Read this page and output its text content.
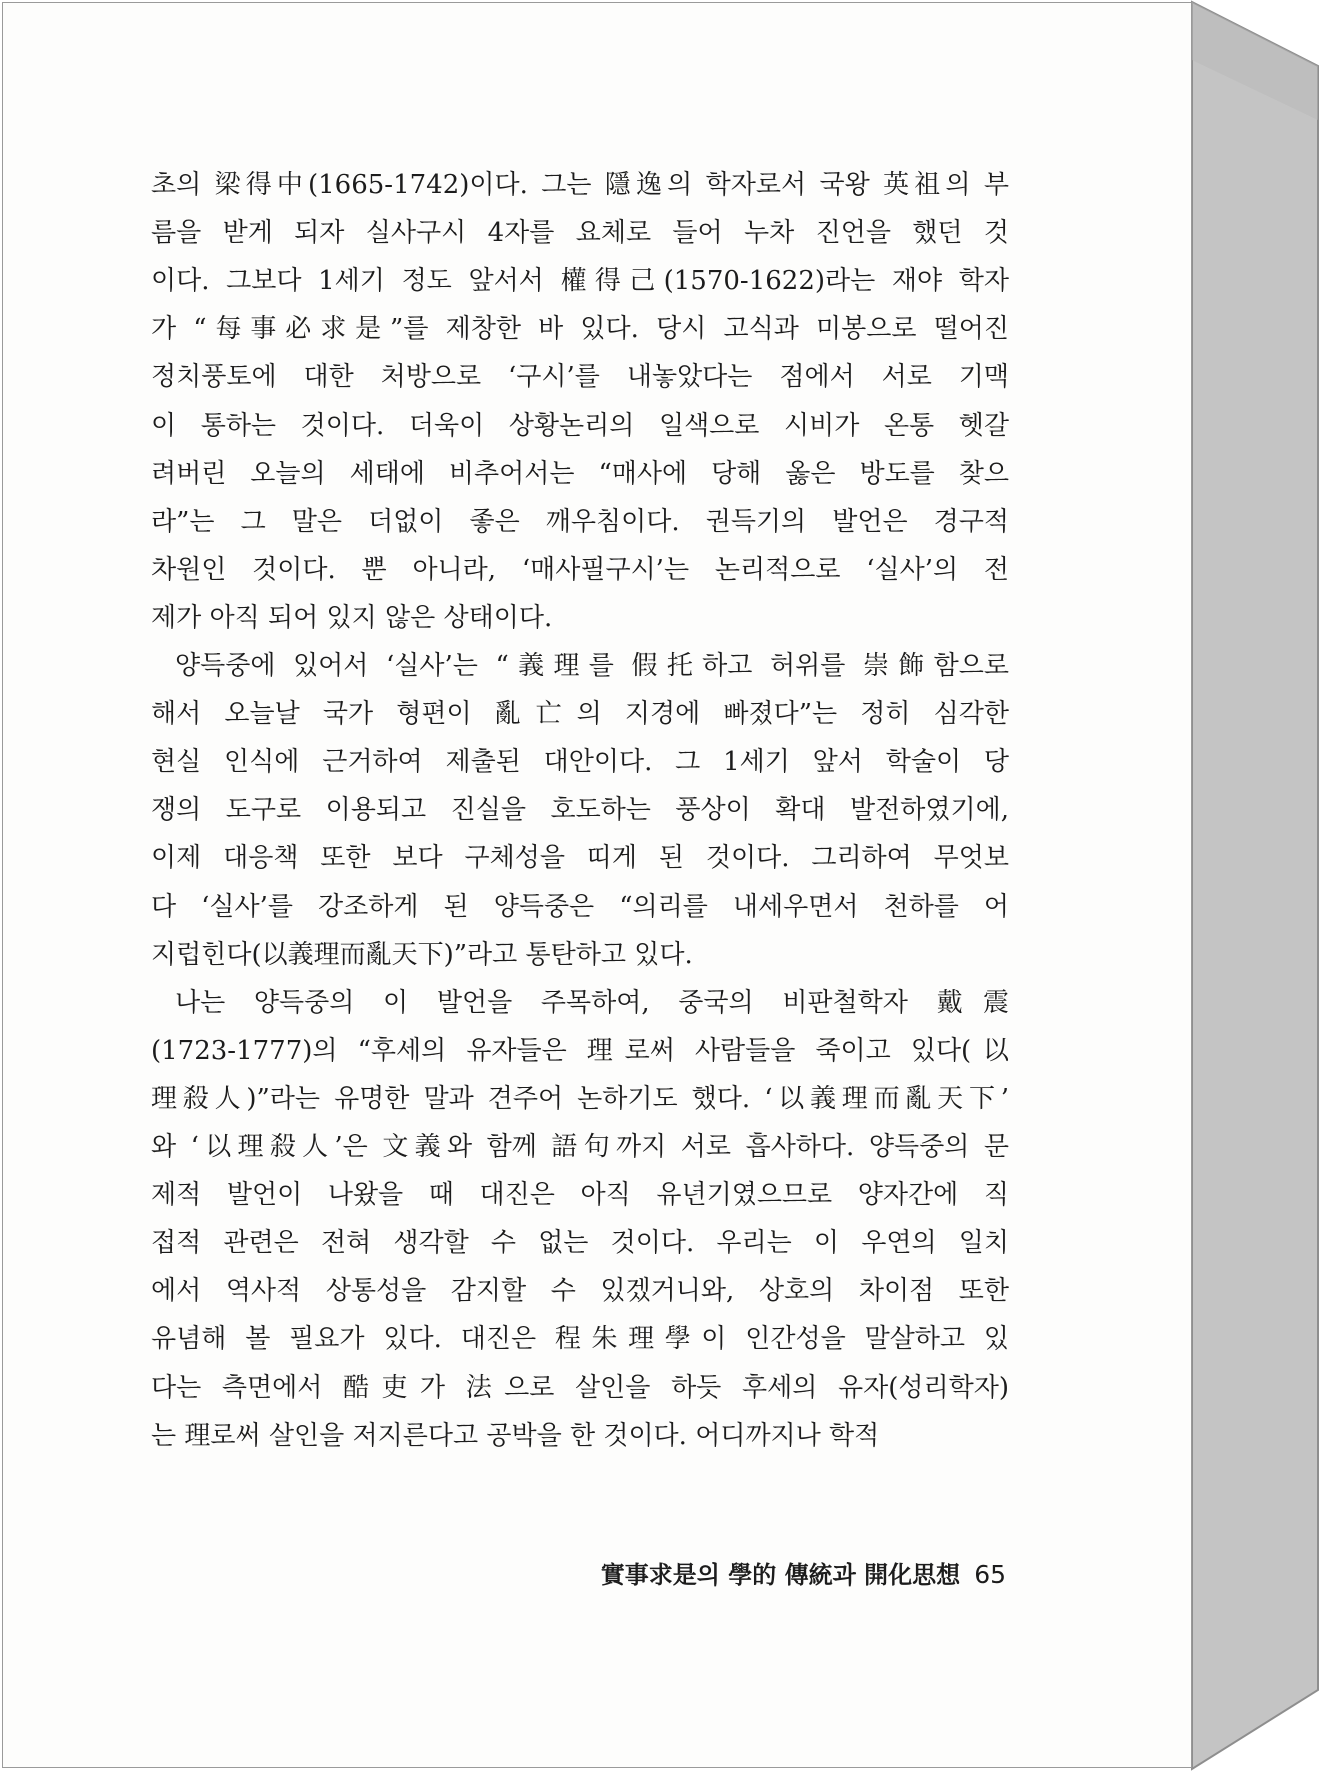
초의 梁得中(1665-1742)이다. 그는 隱逸의 학자로서 국왕 英祖의 부
름을 받게 되자 실사구시 4자를 요체로 들어 누차 진언을 했던 것
이다. 그보다 1세기 정도 앞서서 權得己(1570-1622)라는 재야 학자
가 “每事必求是”를 제창한 바 있다. 당시 고식과 미봉으로 떨어진
정치풍토에 대한 처방으로 ‘구시’를 내놓았다는 점에서 서로 기맥
이 통하는 것이다. 더욱이 상황논리의 일색으로 시비가 온통 헷갈
려버린 오늘의 세태에 비추어서는 “매사에 당해 옳은 방도를 찾으
라”는 그 말은 더없이 좋은 깨우침이다. 권득기의 발언은 경구적
차원인 것이다. 뿐 아니라, ‘매사필구시’는 논리적으로 ‘실사’의 전
제가 아직 되어 있지 않은 상태이다.
양득중에 있어서 ‘실사’는 “義理를 假托하고 허위를 崇飾함으로
해서 오늘날 국가 형편이 亂亡의 지경에 빠졌다”는 정히 심각한
현실 인식에 근거하여 제출된 대안이다. 그 1세기 앞서 학술이 당
쟁의 도구로 이용되고 진실을 호도하는 풍상이 확대 발전하였기에,
이제 대응책 또한 보다 구체성을 띠게 된 것이다. 그리하여 무엇보
다 ‘실사’를 강조하게 된 양득중은 “의리를 내세우면서 천하를 어
지럽힌다(以義理而亂天下)”라고 통탄하고 있다.
나는 양득중의 이 발언을 주목하여, 중국의 비판철학자 戴震
(1723-1777)의 “후세의 유자들은 理로써 사람들을 죽이고 있다(以
理殺人)”라는 유명한 말과 견주어 논하기도 했다. ‘以義理而亂天下’
와 ‘以理殺人’은 文義와 함께 語句까지 서로 흡사하다. 양득중의 문
제적 발언이 나왔을 때 대진은 아직 유년기였으므로 양자간에 직
접적 관련은 전혀 생각할 수 없는 것이다. 우리는 이 우연의 일치
에서 역사적 상통성을 감지할 수 있겠거니와, 상호의 차이점 또한
유념해 볼 필요가 있다. 대진은 程朱理學이 인간성을 말살하고 있
다는 측면에서 酷吏가 法으로 살인을 하듯 후세의 유자(성리학자)
는 理로써 살인을 저지른다고 공박을 한 것이다. 어디까지나 학적
實事求是의 學的 傳統과 開化思想 65
